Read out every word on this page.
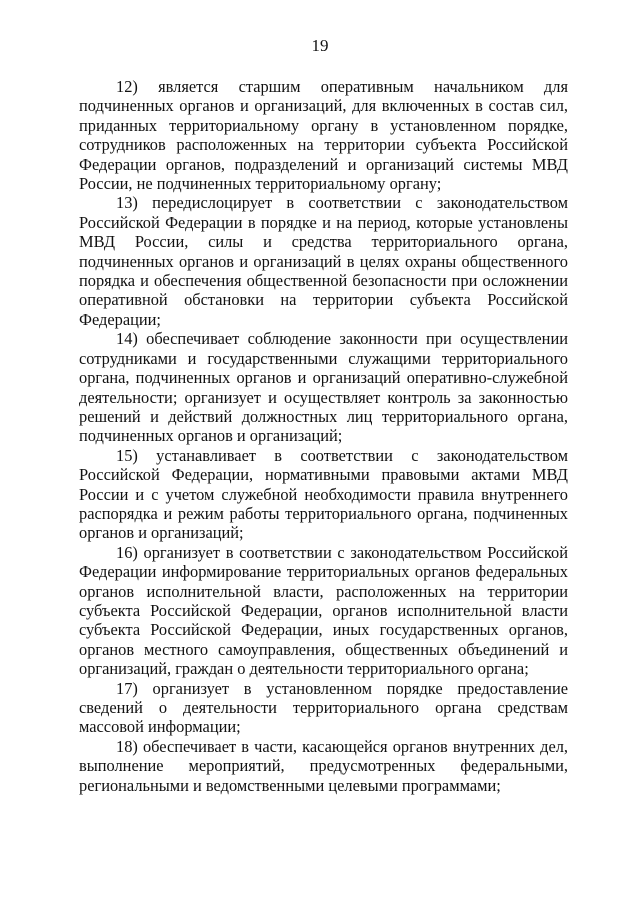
19

12) является старшим оперативным начальником для подчиненных органов и организаций, для включенных в состав сил, приданных территориальному органу в установленном порядке, сотрудников расположенных на территории субъекта Российской Федерации органов, подразделений и организаций системы МВД России, не подчиненных территориальному органу;

13) передислоцирует в соответствии с законодательством Российской Федерации в порядке и на период, которые установлены МВД России, силы и средства территориального органа, подчиненных органов и организаций в целях охраны общественного порядка и обеспечения общественной безопасности при осложнении оперативной обстановки на территории субъекта Российской Федерации;

14) обеспечивает соблюдение законности при осуществлении сотрудниками и государственными служащими территориального органа, подчиненных органов и организаций оперативно-служебной деятельности; организует и осуществляет контроль за законностью решений и действий должностных лиц территориального органа, подчиненных органов и организаций;

15) устанавливает в соответствии с законодательством Российской Федерации, нормативными правовыми актами МВД России и с учетом служебной необходимости правила внутреннего распорядка и режим работы территориального органа, подчиненных органов и организаций;

16) организует в соответствии с законодательством Российской Федерации информирование территориальных органов федеральных органов исполнительной власти, расположенных на территории субъекта Российской Федерации, органов исполнительной власти субъекта Российской Федерации, иных государственных органов, органов местного самоуправления, общественных объединений и организаций, граждан о деятельности территориального органа;

17) организует в установленном порядке предоставление сведений о деятельности территориального органа средствам массовой информации;

18) обеспечивает в части, касающейся органов внутренних дел, выполнение мероприятий, предусмотренных федеральными, региональными и ведомственными целевыми программами;
